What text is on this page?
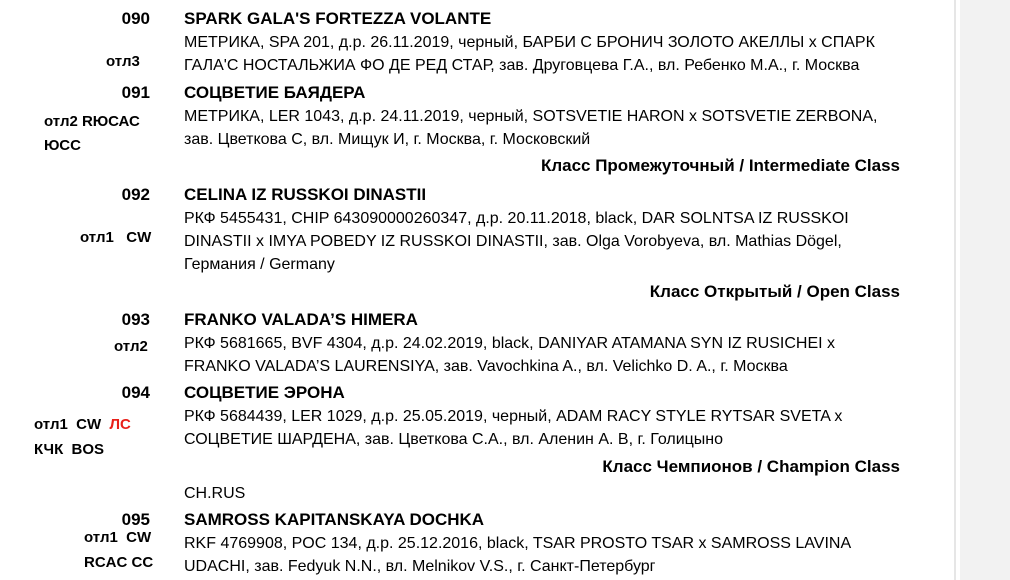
090 SPARK GALA'S FORTEZZA VOLANTE
МЕТРИКА, SPA 201, д.р. 26.11.2019, черный, БАРБИ С БРОНИЧ ЗОЛОТО АКЕЛЛЫ x СПАРК
ГАЛА'С НОСТАЛЬЖИА ФО ДЕ РЕД СТАР, зав. Друговцева Г.А., вл. Ребенко М.А., г. Москва
отл3
091 СОЦВЕТИЕ БАЯДЕРА
МЕТРИКА, LER 1043, д.р. 24.11.2019, черный, SOTSVETIE HARON x SOTSVETIE ZERBONA,
зав. Цветкова С, вл. Мищук И, г. Москва, г. Московский
отл2 RЮСАС
ЮСС
Класс Промежуточный / Intermediate Class
092 CELINA IZ RUSSKOI DINASTII
РКФ 5455431, CHIP 643090000260347, д.р. 20.11.2018, black, DAR SOLNTSA IZ RUSSKOI
DINASTII x IMYA POBEDY IZ RUSSKOI DINASTII, зав. Olga Vorobyeva, вл. Mathias Dögel,
Германия / Germany
отл1   CW
Класс Открытый / Open Class
093 FRANKO VALADA’S HIMERA
РКФ 5681665, BVF 4304, д.р. 24.02.2019, black, DANIYAR ATAMANA SYN IZ RUSICHEI x
FRANKO VALADA’S LAURENSIYA, зав. Vavochkina A., вл. Velichko D. A., г. Москва
отл2
094 СОЦВЕТИЕ ЭРОНА
РКФ 5684439, LER 1029, д.р. 25.05.2019, черный, ADAM RACY STYLE RYTSAR SVETA x
СОЦВЕТИЕ ШАРДЕНА, зав. Цветкова С.А., вл. Аленин А. В, г. Голицыно
отл1  CW ЛС
КЧК  BOS
Класс Чемпионов / Champion Class
CH.RUS
095 SAMROSS KAPITANSKAYA DOCHKA
RKF 4769908, POC 134, д.р. 25.12.2016, black, TSAR PROSTO TSAR x SAMROSS LAVINA
UDACHI, зав. Fedyuk N.N., вл. Melnikov V.S., г. Санкт-Петербург
отл1  CW
RCAC CC
